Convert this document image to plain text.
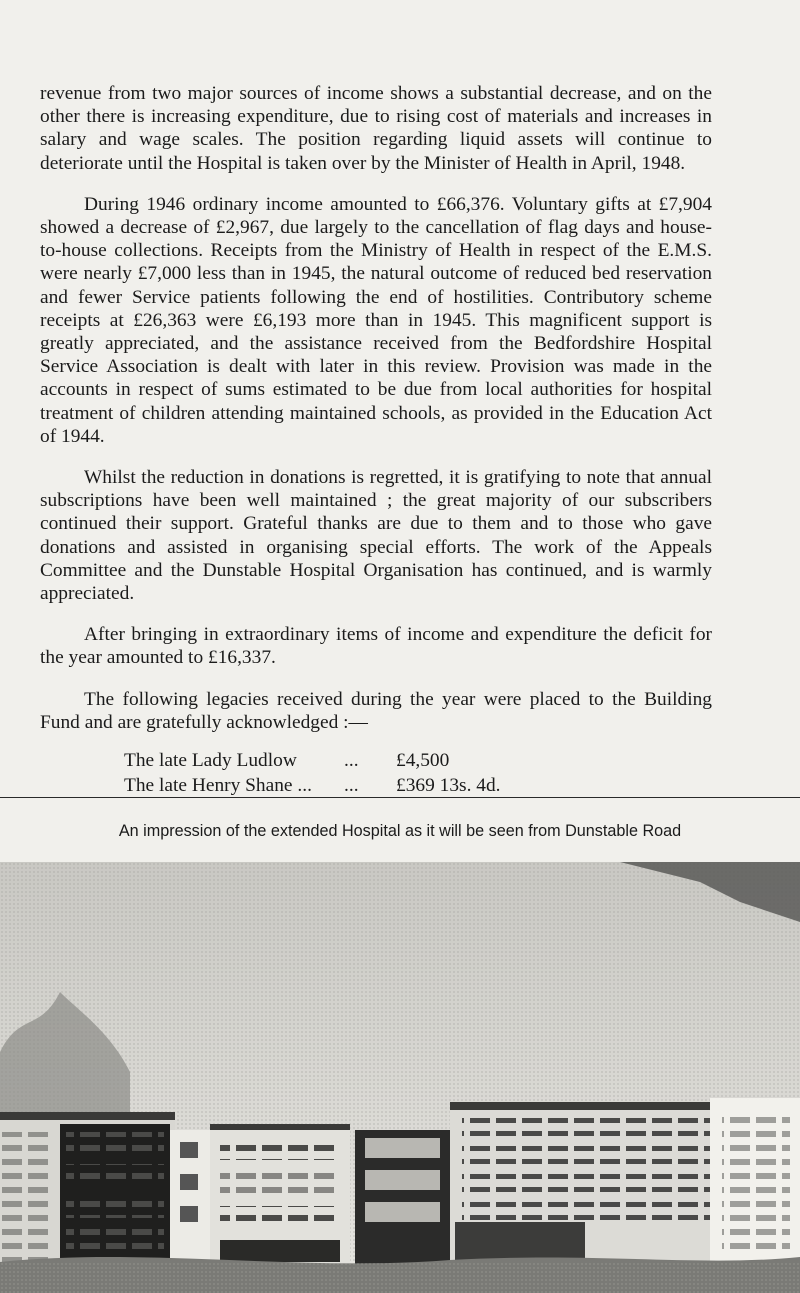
revenue from two major sources of income shows a substantial decrease, and on the other there is increasing expenditure, due to rising cost of materials and increases in salary and wage scales. The position regarding liquid assets will continue to deteriorate until the Hospital is taken over by the Minister of Health in April, 1948.

During 1946 ordinary income amounted to £66,376. Voluntary gifts at £7,904 showed a decrease of £2,967, due largely to the cancellation of flag days and house-to-house collections. Receipts from the Ministry of Health in respect of the E.M.S. were nearly £7,000 less than in 1945, the natural outcome of reduced bed reservation and fewer Service patients following the end of hostilities. Contributory scheme receipts at £26,363 were £6,193 more than in 1945. This magnificent support is greatly appreciated, and the assistance received from the Bedfordshire Hospital Service Association is dealt with later in this review. Provision was made in the accounts in respect of sums estimated to be due from local authorities for hospital treatment of children attending maintained schools, as provided in the Education Act of 1944.

Whilst the reduction in donations is regretted, it is gratifying to note that annual subscriptions have been well maintained ; the great majority of our subscribers continued their support. Grateful thanks are due to them and to those who gave donations and assisted in organising special efforts. The work of the Appeals Committee and the Dunstable Hospital Organisation has continued, and is warmly appreciated.

After bringing in extraordinary items of income and expenditure the deficit for the year amounted to £16,337.

The following legacies received during the year were placed to the Building Fund and are gratefully acknowledged :—

The late Lady Ludlow	...	£4,500
The late Henry Shane ...	...	£369 13s. 4d.
An impression of the extended Hospital as it will be seen from Dunstable Road
